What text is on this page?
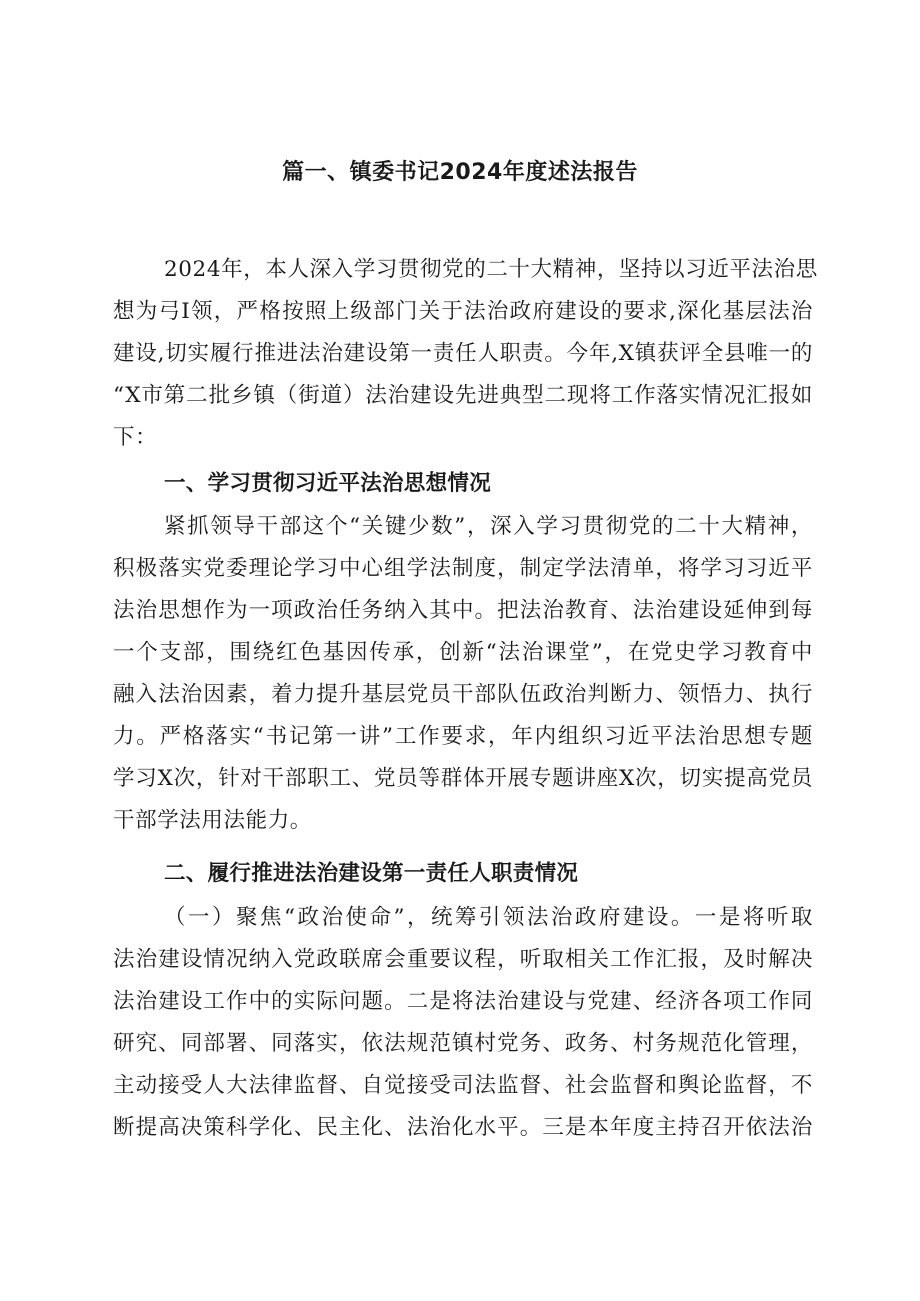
篇一、镇委书记2024年度述法报告
2024年，本人深入学习贯彻党的二十大精神，坚持以习近平法治思
想为弓I领，严格按照上级部门关于法治政府建设的要求,深化基层法治
建设,切实履行推进法治建设第一责任人职责。今年,X镇获评全县唯一的
“X市第二批乡镇（街道）法治建设先进典型二现将工作落实情况汇报如
下：
一、学习贯彻习近平法治思想情况
紧抓领导干部这个“关键少数”，深入学习贯彻党的二十大精神，
积极落实党委理论学习中心组学法制度，制定学法清单，将学习习近平
法治思想作为一项政治任务纳入其中。把法治教育、法治建设延伸到每
一个支部，围绕红色基因传承，创新“法治课堂”，在党史学习教育中
融入法治因素，着力提升基层党员干部队伍政治判断力、领悟力、执行
力。严格落实“书记第一讲”工作要求，年内组织习近平法治思想专题
学习X次，针对干部职工、党员等群体开展专题讲座X次，切实提高党员
干部学法用法能力。
二、履行推进法治建设第一责任人职责情况
（一）聚焦“政治使命”，统筹引领法治政府建设。一是将听取
法治建设情况纳入党政联席会重要议程，听取相关工作汇报，及时解决
法治建设工作中的实际问题。二是将法治建设与党建、经济各项工作同
研究、同部署、同落实，依法规范镇村党务、政务、村务规范化管理，
主动接受人大法律监督、自觉接受司法监督、社会监督和舆论监督，不
断提高决策科学化、民主化、法治化水平。三是本年度主持召开依法治
